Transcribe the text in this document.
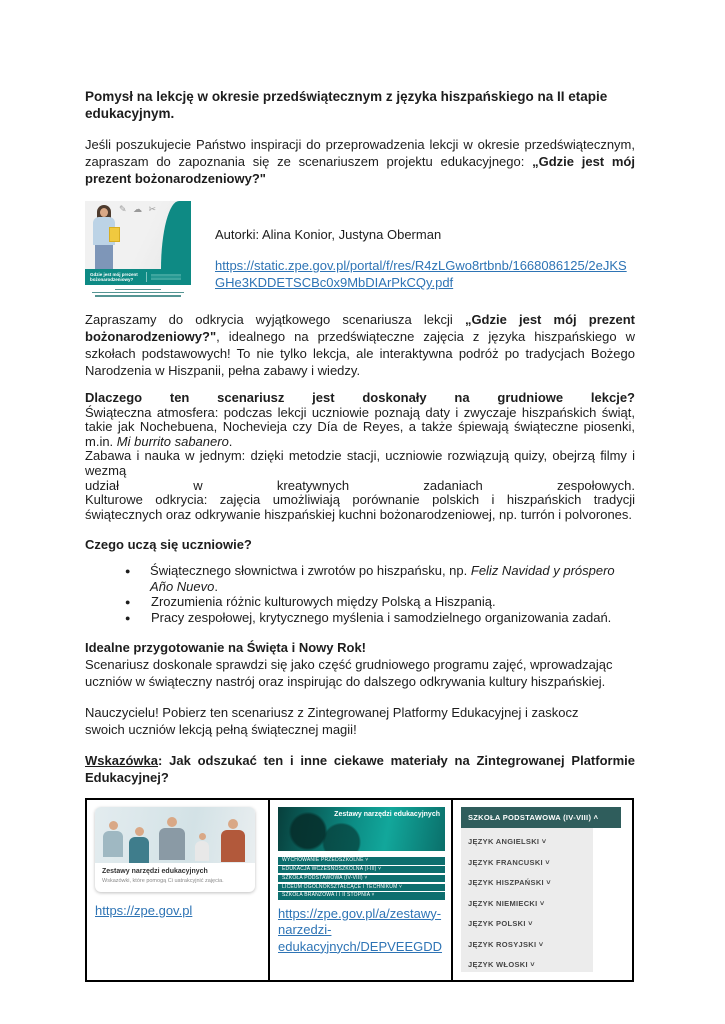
Pomysł na lekcję w okresie przedświątecznym z języka hiszpańskiego na II etapie edukacyjnym.

Jeśli poszukujecie Państwo inspiracji do przeprowadzenia lekcji w okresie przedświątecznym, zapraszam do zapoznania się ze scenariuszem projektu edukacyjnego: „Gdzie jest mój prezent bożonarodzeniowy?"

✎ ☁ ✂
Gdzie jest mój prezent bożonarodzeniowy?
Autorki: Alina Konior, Justyna Oberman
https://static.zpe.gov.pl/portal/f/res/R4zLGwo8rtbnb/1668086125/2eJKSGHe3KDDETSCBc0x9MbDIArPkCQy.pdf

Zapraszamy do odkrycia wyjątkowego scenariusza lekcji „Gdzie jest mój prezent bożonarodzeniowy?", idealnego na przedświąteczne zajęcia z języka hiszpańskiego w szkołach podstawowych! To nie tylko lekcja, ale interaktywna podróż po tradycjach Bożego Narodzenia w Hiszpanii, pełna zabawy i wiedzy.

Dlaczego ten scenariusz jest doskonały na grudniowe lekcje?

Świąteczna atmosfera: podczas lekcji uczniowie poznają daty i zwyczaje hiszpańskich świąt, takie jak Nochebuena, Nochevieja czy Día de Reyes, a także śpiewają świąteczne piosenki, m.in. Mi burrito sabanero.

Zabawa i nauka w jednym: dzięki metodzie stacji, uczniowie rozwiązują quizy, obejrzą filmy i wezmą

udział w kreatywnych zadaniach zespołowych.

Kulturowe odkrycia: zajęcia umożliwiają porównanie polskich i hiszpańskich tradycji świątecznych oraz odkrywanie hiszpańskiej kuchni bożonarodzeniowej, np. turrón i polvorones.

Czego uczą się uczniowie?

● Świątecznego słownictwa i zwrotów po hiszpańsku, np. Feliz Navidad y próspero Año Nuevo.
●	Zrozumienia różnic kulturowych między Polską a Hiszpanią.
●	Pracy zespołowej, krytycznego myślenia i samodzielnego organizowania zadań.

Idealne przygotowanie na Święta i Nowy Rok!

Scenariusz doskonale sprawdzi się jako część grudniowego programu zajęć, wprowadzając uczniów w świąteczny nastrój oraz inspirując do dalszego odkrywania kultury hiszpańskiej.

Nauczycielu! Pobierz ten scenariusz z Zintegrowanej Platformy Edukacyjnej i zaskocz swoich uczniów lekcją pełną świątecznej magii!

Wskazówka: Jak odszukać ten i inne ciekawe materiały na Zintegrowanej Platformie Edukacyjnej?

Zestawy narzędzi edukacyjnych
Wskazówki, które pomogą Ci uatrakcyjnić zajęcia.
https://zpe.gov.pl
Zestawy narzędzi edukacyjnych
WYCHOWANIE PRZEDSZKOLNE ˅
EDUKACJA WCZESNOSZKOLNA (I-III) ˅
SZKOŁA PODSTAWOWA (IV-VIII) ˅
LICEUM OGÓLNOKSZTAŁCĄCE I TECHNIKUM ˅
SZKOŁA BRANŻOWA I I II STOPNIA ˅
https://zpe.gov.pl/a/zestawy-narzedzi-edukacyjnych/DEPVEEGDD
SZKOŁA PODSTAWOWA (IV-VIII) ˄
JĘZYK ANGIELSKI ˅
JĘZYK FRANCUSKI ˅
JĘZYK HISZPAŃSKI ˅
JĘZYK NIEMIECKI ˅
JĘZYK POLSKI ˅
JĘZYK ROSYJSKI ˅
JĘZYK WŁOSKI ˅
